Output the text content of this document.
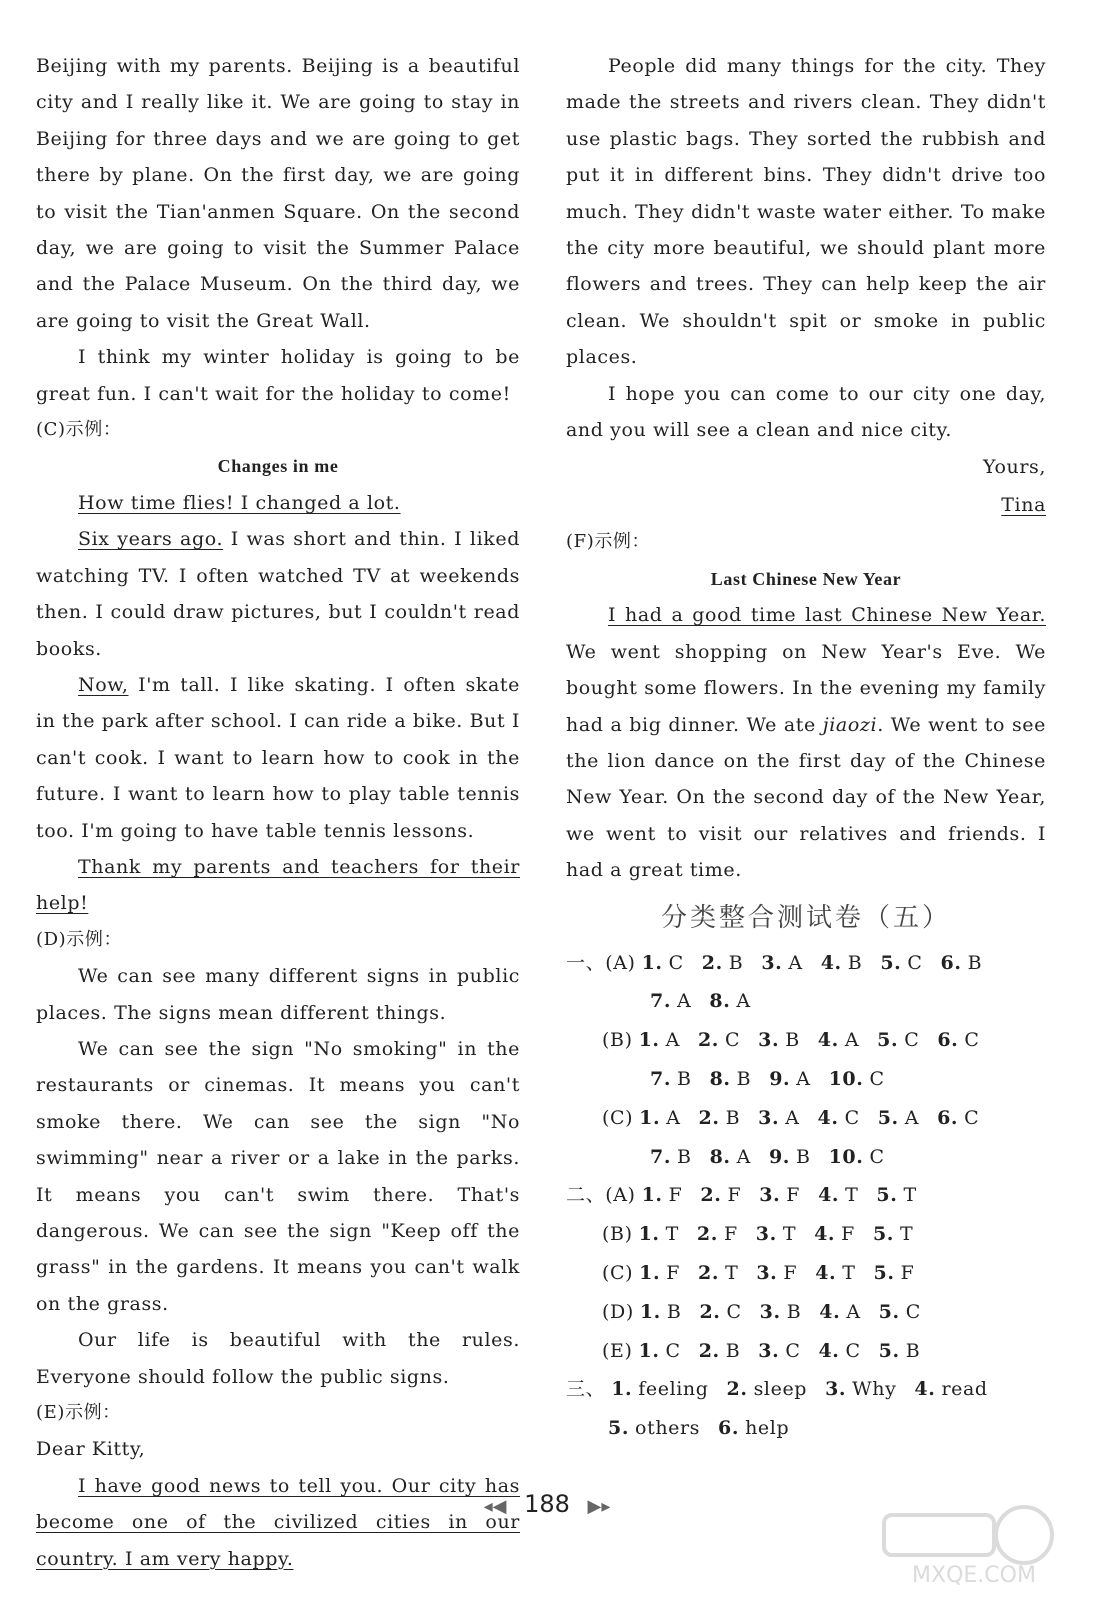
Beijing with my parents. Beijing is a beautiful city and I really like it. We are going to stay in Beijing for three days and we are going to get there by plane. On the first day, we are going to visit the Tian'anmen Square. On the second day, we are going to visit the Summer Palace and the Palace Museum. On the third day, we are going to visit the Great Wall.

I think my winter holiday is going to be great fun. I can't wait for the holiday to come!

(C)示例：

Changes in me

How time flies! I changed a lot.

Six years ago. I was short and thin. I liked watching TV. I often watched TV at weekends then. I could draw pictures, but I couldn't read books.

Now, I'm tall. I like skating. I often skate in the park after school. I can ride a bike. But I can't cook. I want to learn how to cook in the future. I want to learn how to play table tennis too. I'm going to have table tennis lessons.

Thank my parents and teachers for their help!

(D)示例：

We can see many different signs in public places. The signs mean different things.

We can see the sign "No smoking" in the restaurants or cinemas. It means you can't smoke there. We can see the sign "No swimming" near a river or a lake in the parks. It means you can't swim there. That's dangerous. We can see the sign "Keep off the grass" in the gardens. It means you can't walk on the grass.

Our life is beautiful with the rules. Everyone should follow the public signs.

(E)示例：

Dear Kitty,

I have good news to tell you. Our city has become one of the civilized cities in our country. I am very happy.

People did many things for the city. They made the streets and rivers clean. They didn't use plastic bags. They sorted the rubbish and put it in different bins. They didn't drive too much. They didn't waste water either. To make the city more beautiful, we should plant more flowers and trees. They can help keep the air clean. We shouldn't spit or smoke in public places.

I hope you can come to our city one day, and you will see a clean and nice city.

Yours,

Tina

(F)示例：

Last Chinese New Year

I had a good time last Chinese New Year. We went shopping on New Year's Eve. We bought some flowers. In the evening my family had a big dinner. We ate jiaozi. We went to see the lion dance on the first day of the Chinese New Year. On the second day of the New Year, we went to visit our relatives and friends. I had a great time.

分类整合测试卷（五）

一、(A) 1. C 2. B 3. A 4. B 5. C 6. B

7. A 8. A

(B) 1. A 2. C 3. B 4. A 5. C 6. C

7. B 8. B 9. A 10. C

(C) 1. A 2. B 3. A 4. C 5. A 6. C

7. B 8. A 9. B 10. C

二、(A) 1. F 2. F 3. F 4. T 5. T

(B) 1. T 2. F 3. T 4. F 5. T

(C) 1. F 2. T 3. F 4. T 5. F

(D) 1. B 2. C 3. B 4. A 5. C

(E) 1. C 2. B 3. C 4. C 5. B

三、 1. feeling 2. sleep 3. Why 4. read

5. others 6. help

◂◀ 188 ▶▸
MXQE.COM
